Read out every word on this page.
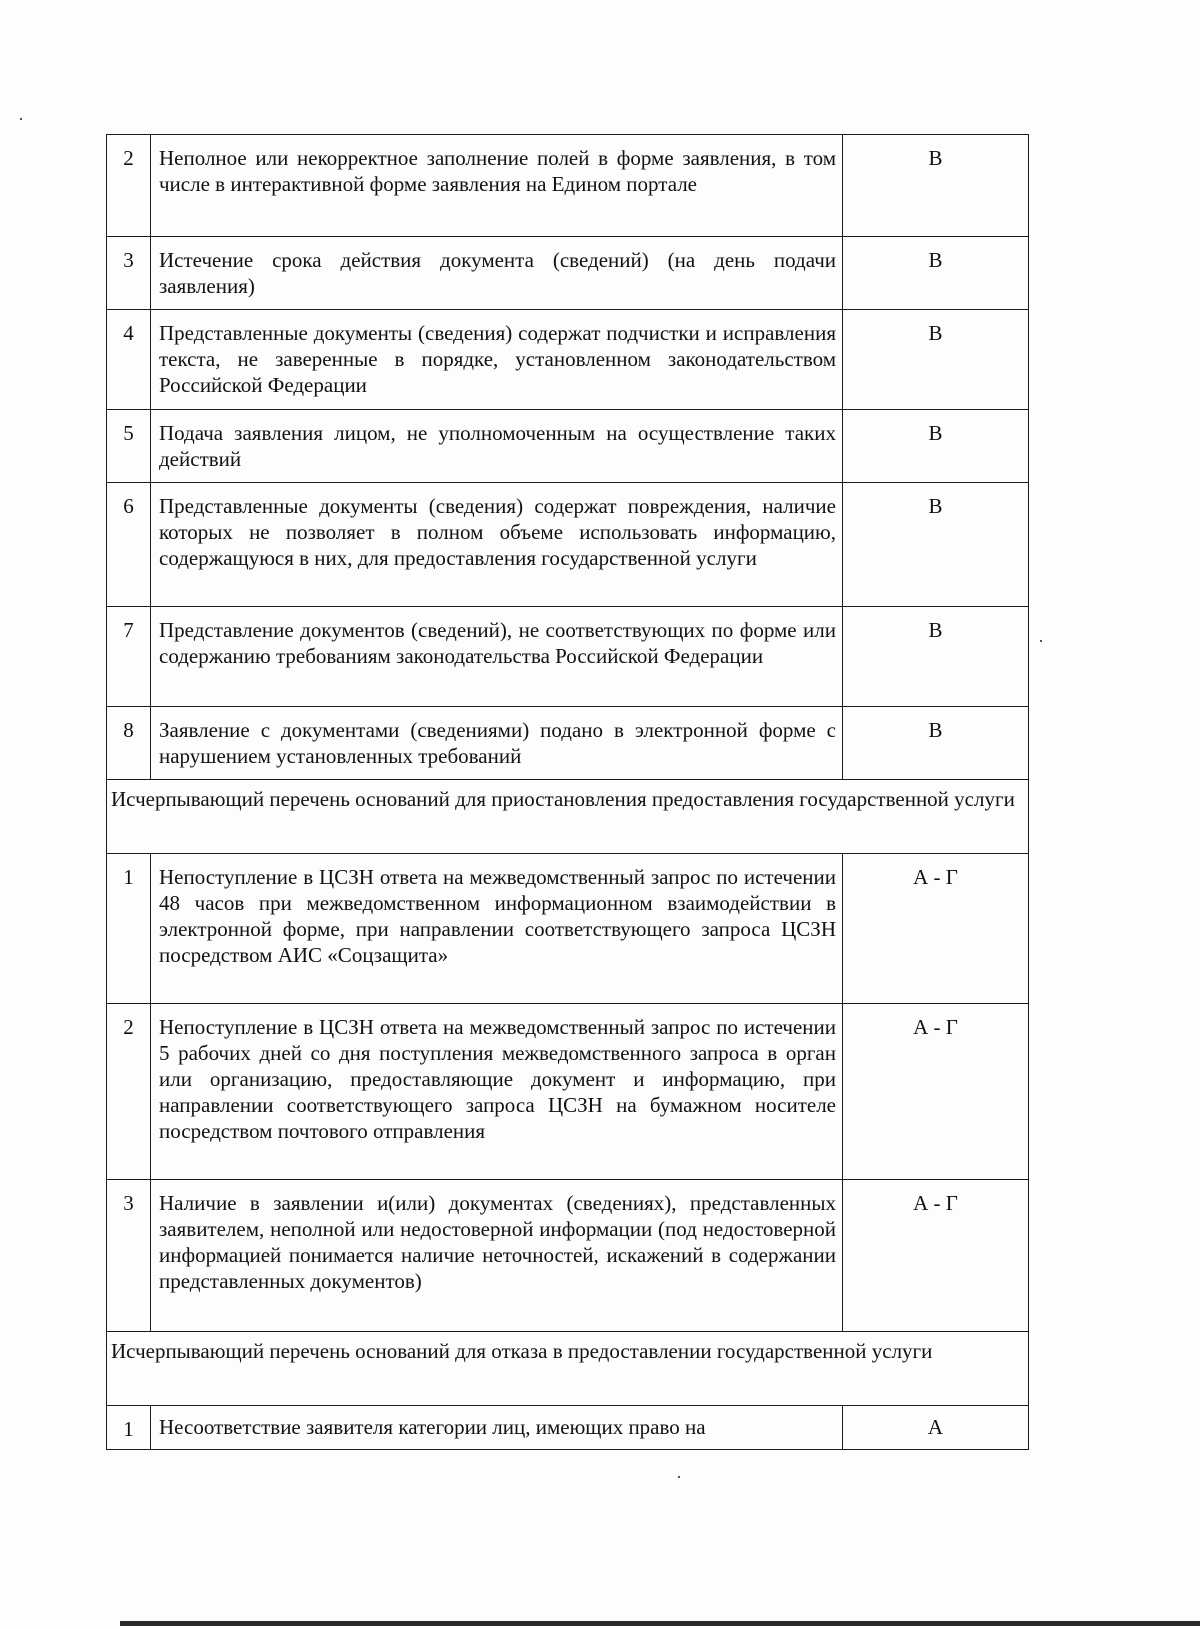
2	Неполное или некорректное заполнение полей в форме заявления, в том числе в интерактивной форме заявления на Едином портале	В

3	Истечение срока действия документа (сведений) (на день подачи заявления)	В

4	Представленные документы (сведения) содержат подчистки и исправления текста, не заверенные в порядке, установленном законодательством Российской Федерации	В

5	Подача заявления лицом, не уполномоченным на осуществление таких действий	В

6	Представленные документы (сведения) содержат повреждения, наличие которых не позволяет в полном объеме использовать информацию, содержащуюся в них, для предоставления государственной услуги	В

7	Представление документов (сведений), не соответствующих по форме или содержанию требованиям законодательства Российской Федерации	В

8	Заявление с документами (сведениями) подано в электронной форме с нарушением установленных требований	В

Исчерпывающий перечень оснований для приостановления предоставления государственной услуги		

1	Непоступление в ЦСЗН ответа на межведомственный запрос по истечении 48 часов при межведомственном информационном взаимодействии в электронной форме, при направлении соответствующего запроса ЦСЗН посредством АИС «Соцзащита»	А - Г

2	Непоступление в ЦСЗН ответа на межведомственный запрос по истечении 5 рабочих дней со дня поступления межведомственного запроса в орган или организацию, предоставляющие документ и информацию, при направлении соответствующего запроса ЦСЗН на бумажном носителе посредством почтового отправления	А - Г

3	Наличие в заявлении и(или) документах (сведениях), представленных заявителем, неполной или недостоверной информации (под недостоверной информацией понимается наличие неточностей, искажений в содержании представленных документов)	А - Г

Исчерпывающий перечень оснований для отказа в предоставлении государственной услуги		

1	Несоответствие заявителя категории лиц, имеющих право на	А
